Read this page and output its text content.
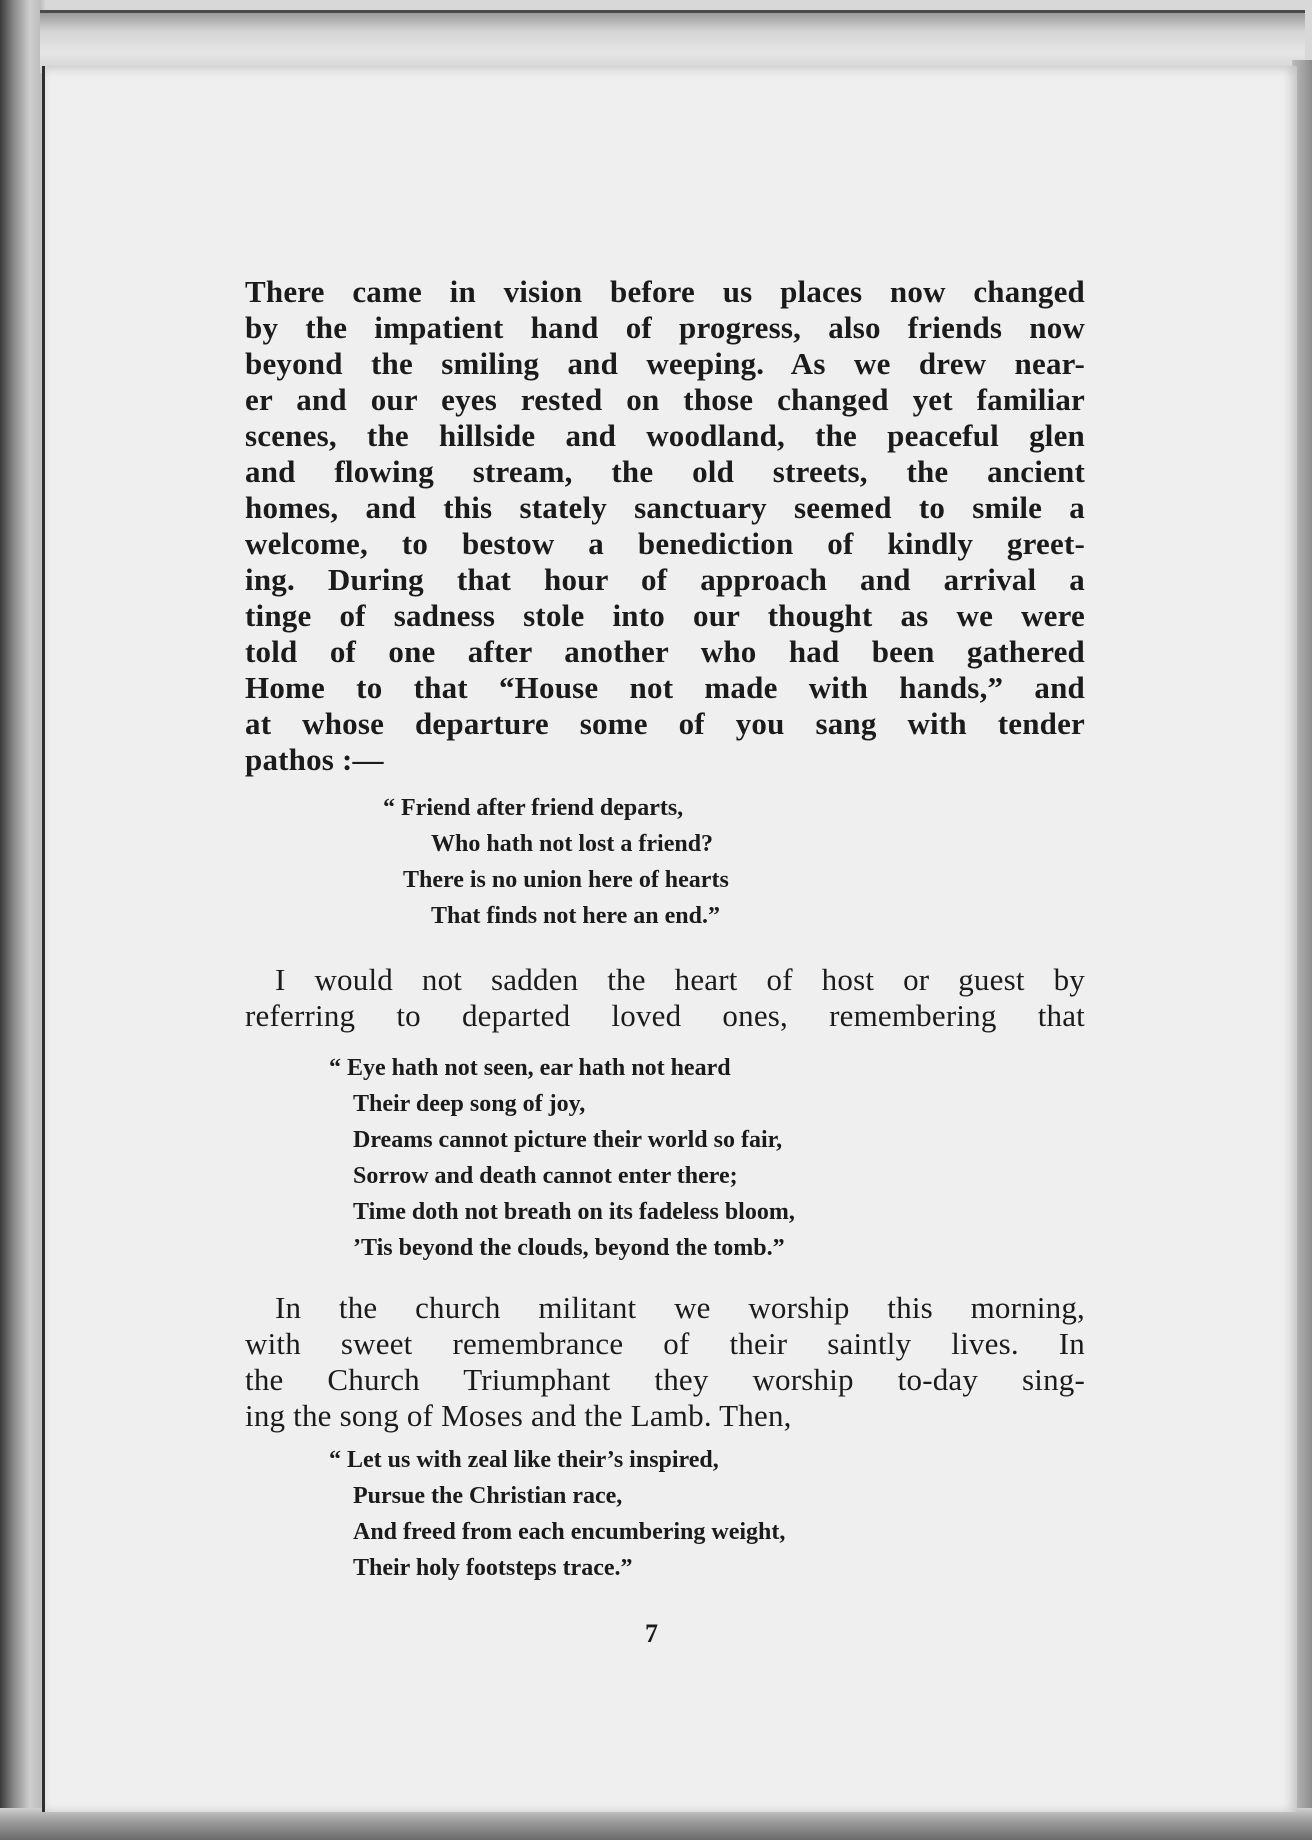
There came in vision before us places now changed
by the impatient hand of progress, also friends now
beyond the smiling and weeping. As we drew near-
er and our eyes rested on those changed yet familiar
scenes, the hillside and woodland, the peaceful glen
and flowing stream, the old streets, the ancient
homes, and this stately sanctuary seemed to smile a
welcome, to bestow a benediction of kindly greet-
ing. During that hour of approach and arrival a
tinge of sadness stole into our thought as we were
told of one after another who had been gathered
Home to that “House not made with hands,” and
at whose departure some of you sang with tender
pathos :—

“ Friend after friend departs,
Who hath not lost a friend?
There is no union here of hearts
That finds not here an end.”

I would not sadden the heart of host or guest by
referring to departed loved ones, remembering that

“ Eye hath not seen, ear hath not heard
Their deep song of joy,
Dreams cannot picture their world so fair,
Sorrow and death cannot enter there;
Time doth not breath on its fadeless bloom,
’Tis beyond the clouds, beyond the tomb.”

In the church militant we worship this morning,
with sweet remembrance of their saintly lives. In
the Church Triumphant they worship to-day sing-
ing the song of Moses and the Lamb. Then,

“ Let us with zeal like their’s inspired,
Pursue the Christian race,
And freed from each encumbering weight,
Their holy footsteps trace.”
7
